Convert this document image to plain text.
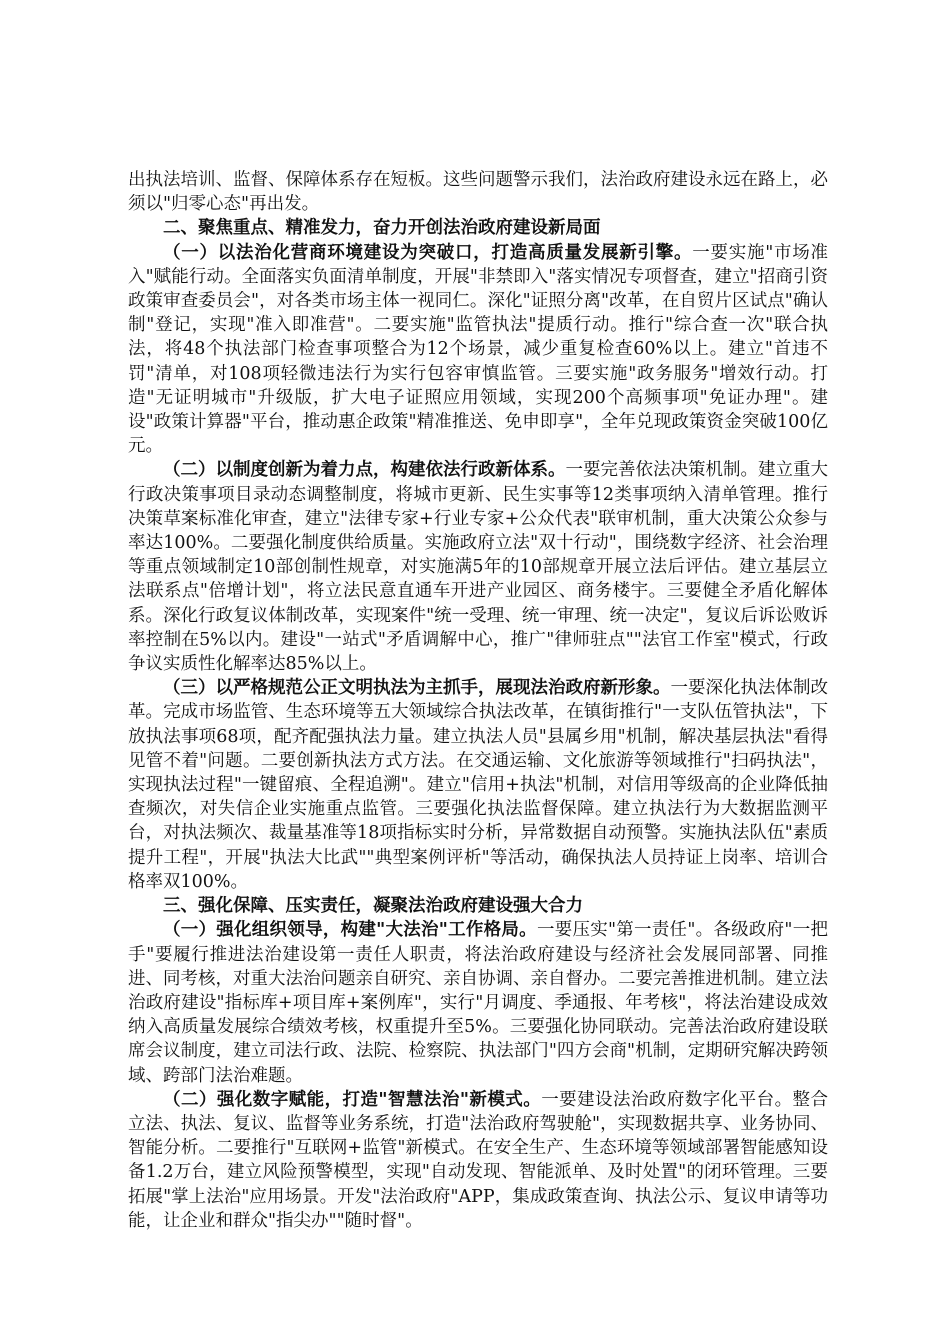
出执法培训、监督、保障体系存在短板。这些问题警示我们，法治政府建设永远在路上，必须以"归零心态"再出发。

二、聚焦重点、精准发力，奋力开创法治政府建设新局面

（一）以法治化营商环境建设为突破口，打造高质量发展新引擎。一要实施"市场准入"赋能行动。全面落实负面清单制度，开展"非禁即入"落实情况专项督查，建立"招商引资政策审查委员会"，对各类市场主体一视同仁。深化"证照分离"改革，在自贸片区试点"确认制"登记，实现"准入即准营"。二要实施"监管执法"提质行动。推行"综合查一次"联合执法，将48个执法部门检查事项整合为12个场景，减少重复检查60%以上。建立"首违不罚"清单，对108项轻微违法行为实行包容审慎监管。三要实施"政务服务"增效行动。打造"无证明城市"升级版，扩大电子证照应用领域，实现200个高频事项"免证办理"。建设"政策计算器"平台，推动惠企政策"精准推送、免申即享"，全年兑现政策资金突破100亿元。

（二）以制度创新为着力点，构建依法行政新体系。一要完善依法决策机制。建立重大行政决策事项目录动态调整制度，将城市更新、民生实事等12类事项纳入清单管理。推行决策草案标准化审查，建立"法律专家+行业专家+公众代表"联审机制，重大决策公众参与率达100%。二要强化制度供给质量。实施政府立法"双十行动"，围绕数字经济、社会治理等重点领域制定10部创制性规章，对实施满5年的10部规章开展立法后评估。建立基层立法联系点"倍增计划"，将立法民意直通车开进产业园区、商务楼宇。三要健全矛盾化解体系。深化行政复议体制改革，实现案件"统一受理、统一审理、统一决定"，复议后诉讼败诉率控制在5%以内。建设"一站式"矛盾调解中心，推广"律师驻点""法官工作室"模式，行政争议实质性化解率达85%以上。

（三）以严格规范公正文明执法为主抓手，展现法治政府新形象。一要深化执法体制改革。完成市场监管、生态环境等五大领域综合执法改革，在镇街推行"一支队伍管执法"，下放执法事项68项，配齐配强执法力量。建立执法人员"县属乡用"机制，解决基层执法"看得见管不着"问题。二要创新执法方式方法。在交通运输、文化旅游等领域推行"扫码执法"，实现执法过程"一键留痕、全程追溯"。建立"信用+执法"机制，对信用等级高的企业降低抽查频次，对失信企业实施重点监管。三要强化执法监督保障。建立执法行为大数据监测平台，对执法频次、裁量基准等18项指标实时分析，异常数据自动预警。实施执法队伍"素质提升工程"，开展"执法大比武""典型案例评析"等活动，确保执法人员持证上岗率、培训合格率双100%。

三、强化保障、压实责任，凝聚法治政府建设强大合力

（一）强化组织领导，构建"大法治"工作格局。一要压实"第一责任"。各级政府"一把手"要履行推进法治建设第一责任人职责，将法治政府建设与经济社会发展同部署、同推进、同考核，对重大法治问题亲自研究、亲自协调、亲自督办。二要完善推进机制。建立法治政府建设"指标库+项目库+案例库"，实行"月调度、季通报、年考核"，将法治建设成效纳入高质量发展综合绩效考核，权重提升至5%。三要强化协同联动。完善法治政府建设联席会议制度，建立司法行政、法院、检察院、执法部门"四方会商"机制，定期研究解决跨领域、跨部门法治难题。

（二）强化数字赋能，打造"智慧法治"新模式。一要建设法治政府数字化平台。整合立法、执法、复议、监督等业务系统，打造"法治政府驾驶舱"，实现数据共享、业务协同、智能分析。二要推行"互联网+监管"新模式。在安全生产、生态环境等领域部署智能感知设备1.2万台，建立风险预警模型，实现"自动发现、智能派单、及时处置"的闭环管理。三要拓展"掌上法治"应用场景。开发"法治政府"APP，集成政策查询、执法公示、复议申请等功能，让企业和群众"指尖办""随时督"。
